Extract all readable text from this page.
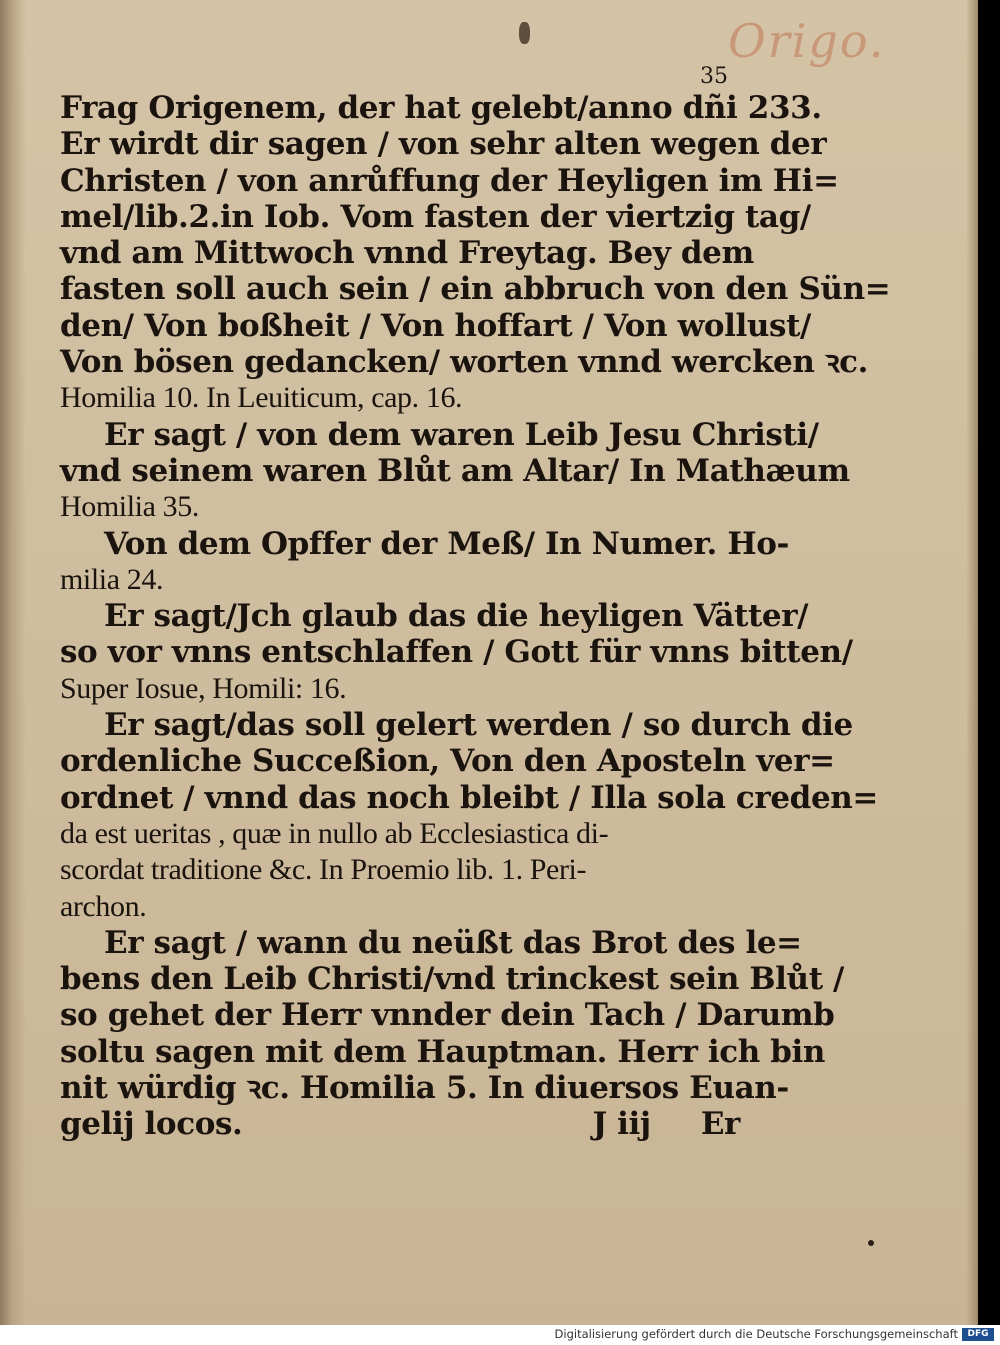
Origo.
35
Frag Origenem, der hat gelebt/anno dñi 233.
Er wirdt dir sagen / von sehr alten wegen der
Christen / von anrůffung der Heyligen im Hi=
mel/lib.2.in Iob. Vom fasten der viertzig tag/
vnd am Mittwoch vnnd Freytag. Bey dem
fasten soll auch sein / ein abbruch von den Sün=
den/ Von boßheit / Von hoffart / Von wollust/
Von bösen gedancken/ worten vnnd wercken ꝛc.
Homilia 10. In Leuiticum, cap. 16.
Er sagt / von dem waren Leib Jesu Christi/
vnd seinem waren Blůt am Altar/ In Mathæum
Homilia 35.
Von dem Opffer der Meß/ In Numer. Ho-
milia 24.
Er sagt/Jch glaub das die heyligen Vätter/
so vor vnns entschlaffen / Gott für vnns bitten/
Super Iosue, Homili: 16.
Er sagt/das soll gelert werden / so durch die
ordenliche Succeßion, Von den Aposteln ver=
ordnet / vnnd das noch bleibt / Illa sola creden=
da est ueritas , quæ in nullo ab Ecclesiastica di-
scordat traditione &c. In Proemio lib. 1. Peri-
archon.
Er sagt / wann du neüßt das Brot des le=
bens den Leib Christi/vnd trinckest sein Blůt /
so gehet der Herr vnnder dein Tach / Darumb
soltu sagen mit dem Hauptman. Herr ich bin
nit würdig ꝛc. Homilia 5. In diuersos Euan-
gelij locos.	J iij Er
Digitalisierung gefördert durch die Deutsche Forschungsgemeinschaft	DFG
